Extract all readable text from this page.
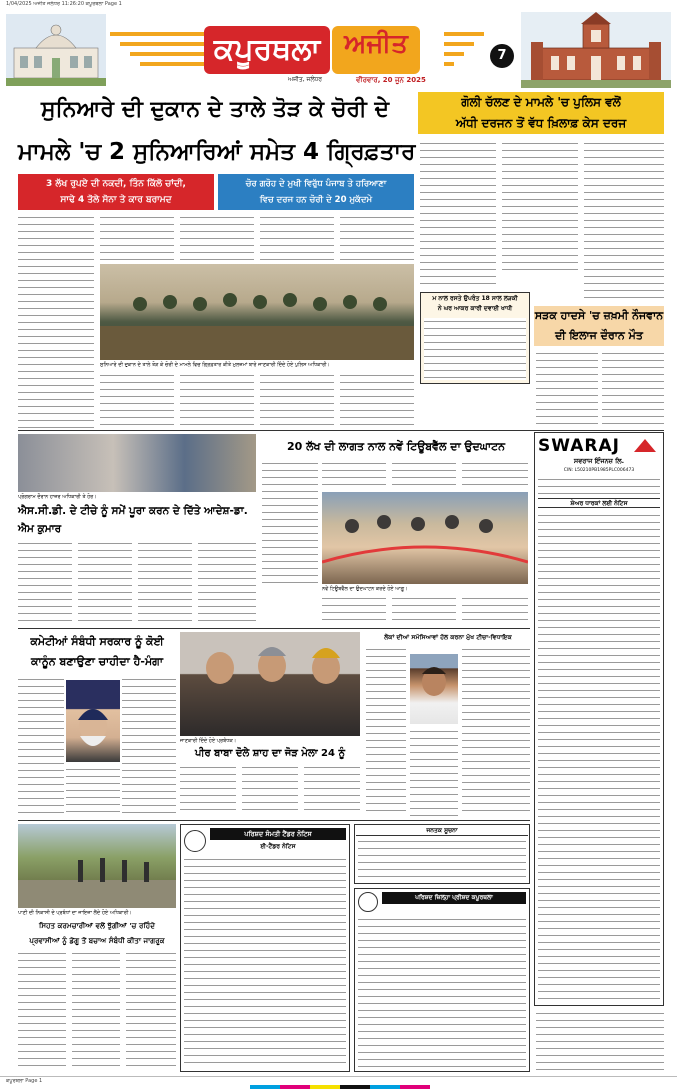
1/04/2025 ਅਜੀਤ ਜਲੰਧਰ 11:26:20 ਕਪੂਰਥਲਾ Page 1
ਕਪੂਰਥਲਾ ਅਜੀਤ
ਅਜੀਤ, ਜਲੰਧਰ	ਵੀਰਵਾਰ, 20 ਜੂਨ 2025
7
ਸੁਨਿਆਰੇ ਦੀ ਦੁਕਾਨ ਦੇ ਤਾਲੇ ਤੋੜ ਕੇ ਚੋਰੀ ਦੇ
ਮਾਮਲੇ 'ਚ 2 ਸੁਨਿਆਰਿਆਂ ਸਮੇਤ 4 ਗ੍ਰਿਫ਼ਤਾਰ
3 ਲੱਖ ਰੁਪਏ ਦੀ ਨਕਦੀ, ਤਿੰਨ ਕਿੱਲੋ ਚਾਂਦੀ,
ਸਾਢੇ 4 ਤੋਲੇ ਸੋਨਾ ਤੇ ਕਾਰ ਬਰਾਮਦ
ਚੋਰ ਗਰੋਹ ਦੇ ਮੁਖੀ ਵਿਰੁੱਧ ਪੰਜਾਬ ਤੇ ਹਰਿਆਣਾ
ਵਿਚ ਦਰਜ ਹਨ ਚੋਰੀ ਦੇ 20 ਮੁਕੱਦਮੇ
ਸੁਨਿਆਰੇ ਦੀ ਦੁਕਾਨ ਦੇ ਤਾਲੇ ਤੋੜ ਕੇ ਚੋਰੀ ਦੇ ਮਾਮਲੇ ਵਿਚ ਗ੍ਰਿਫ਼ਤਾਰ ਕੀਤੇ ਮੁਲਜ਼ਮਾਂ ਬਾਰੇ ਜਾਣਕਾਰੀ ਦਿੰਦੇ ਹੋਏ ਪੁਲਿਸ ਅਧਿਕਾਰੀ।
ਗੋਲੀ ਚੱਲਣ ਦੇ ਮਾਮਲੇ 'ਚ ਪੁਲਿਸ ਵਲੋਂ
ਅੱਧੀ ਦਰਜਨ ਤੋਂ ਵੱਧ ਖ਼ਿਲਾਫ਼ ਕੇਸ ਦਰਜ
ਮ ਨਾਲ ਰਸਤੇ ਉਪਰੰਤ 18 ਸਾਲ ਲੜਕੀ
ਨੇ ਘਰ ਆਕਰ ਕਾਰੀ ਦਵਾਈ ਖਾਧੀ
ਸੜਕ ਹਾਦਸੇ 'ਚ ਜ਼ਖ਼ਮੀ ਨੌਜਵਾਨ
ਦੀ ਇਲਾਜ ਦੌਰਾਨ ਮੌਤ
ਪ੍ਰੋਗਰਾਮ ਦੌਰਾਨ ਹਾਜ਼ਰ ਅਧਿਕਾਰੀ ਤੇ ਹੋਰ।
ਐਸ.ਸੀ.ਡੀ. ਦੇ ਟੀਚੇ ਨੂੰ ਸਮੇਂ ਪੂਰਾ ਕਰਨ ਦੇ ਦਿੱਤੇ ਆਦੇਸ਼-ਡਾ. ਐਮ ਕੁਮਾਰ
20 ਲੱਖ ਦੀ ਲਾਗਤ ਨਾਲ ਨਵੇਂ ਟਿਊਬਵੈੱਲ ਦਾ ਉਦਘਾਟਨ
ਨਵੇਂ ਟਿਊਬਵੈੱਲ ਦਾ ਉਦਘਾਟਨ ਕਰਦੇ ਹੋਏ ਆਗੂ।
SWARAJ
ਸਵਰਾਜ ਇੰਜਨਜ਼ ਲਿ.
CIN: L50210PB1985PLC006473
ਸ਼ੇਅਰ ਧਾਰਕਾਂ ਲਈ ਨੋਟਿਸ
ਕਮੇਟੀਆਂ ਸੰਬੰਧੀ ਸਰਕਾਰ ਨੂੰ ਕੋਈ
ਕਾਨੂੰਨ ਬਣਾਉਣਾ ਚਾਹੀਦਾ ਹੈ-ਮੰਗਾ
ਜਾਣਕਾਰੀ ਦਿੰਦੇ ਹੋਏ ਪ੍ਰਬੰਧਕ।
ਪੀਰ ਬਾਬਾ ਦੋਲੇ ਸ਼ਾਹ ਦਾ ਜੋੜ ਮੇਲਾ 24 ਨੂੰ
ਲੋਕਾਂ ਦੀਆਂ ਸਮੱਸਿਆਵਾਂ ਹੱਲ ਕਰਨਾ ਮੁੱਖ ਟੀਚਾ-ਵਿਧਾਇਕ
ਪਰਿਸ਼ਦ ਸੰਮਤੀ ਟੈਂਡਰ ਨੋਟਿਸ
ਈ-ਟੈਂਡਰ ਨੋਟਿਸ
ਜਨਤਕ ਸੂਚਨਾ
ਪਰਿਸ਼ਦ ਜ਼ਿਲ੍ਹਾ ਪ੍ਰੀਸ਼ਦ ਕਪੂਰਥਲਾ
ਪਾਣੀ ਦੀ ਨਿਕਾਸੀ ਦੇ ਪ੍ਰਬੰਧਾਂ ਦਾ ਜਾਇਜ਼ਾ ਲੈਂਦੇ ਹੋਏ ਅਧਿਕਾਰੀ।
ਸਿਹਤ ਕਰਮਚਾਰੀਆਂ ਵਲੋਂ ਝੁੱਗੀਆਂ 'ਚ ਰਹਿੰਦੇ
ਪ੍ਰਵਾਸੀਆਂ ਨੂੰ ਡੇਂਗੂ ਤੋਂ ਬਚਾਅ ਸੰਬੰਧੀ ਕੀਤਾ ਜਾਗਰੂਕ
ਕਪੂਰਥਲਾ Page 1
